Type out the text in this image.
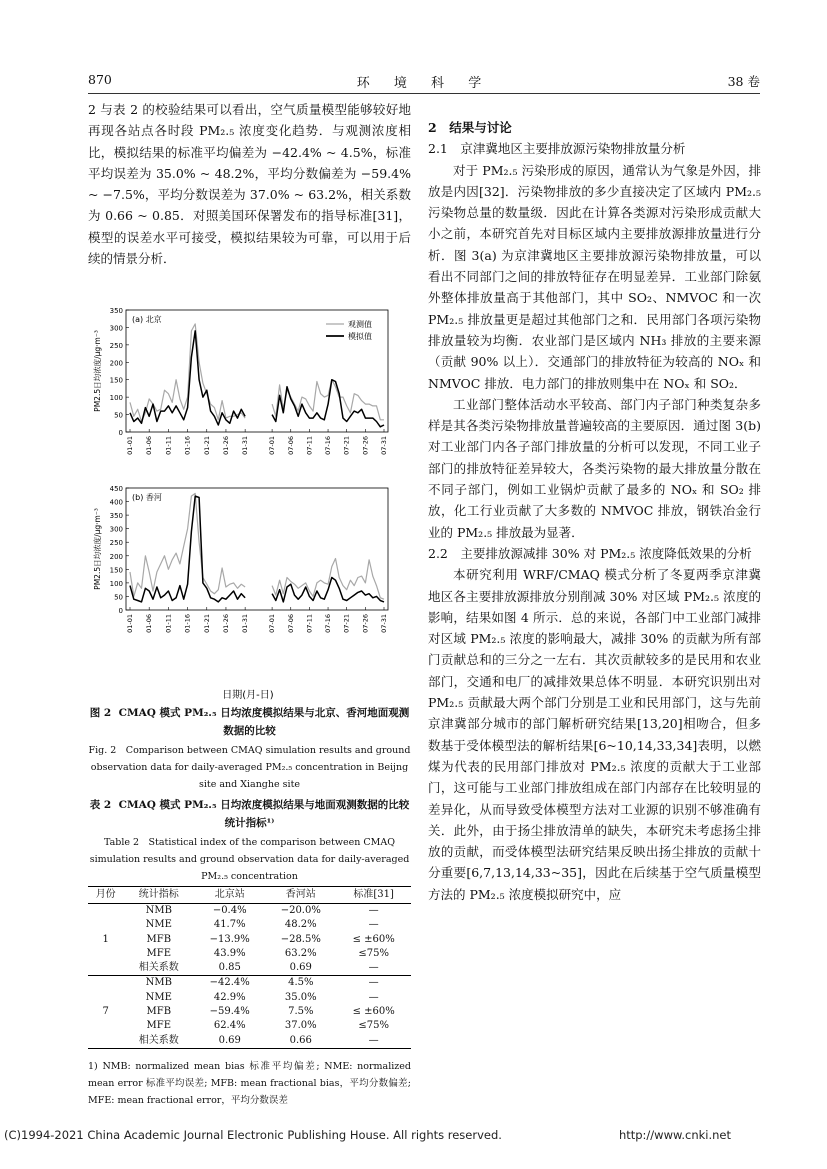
870	环 境 科 学	38 卷

2 与表 2 的校验结果可以看出，空气质量模型能够较好地再现各站点各时段 PM₂.₅ 浓度变化趋势．与观测浓度相比，模拟结果的标准平均偏差为 −42.4% ~ 4.5%，标准平均误差为 35.0% ~ 48.2%，平均分数偏差为 −59.4% ~ −7.5%，平均分数误差为 37.0% ~ 63.2%，相关系数为 0.66 ~ 0.85．对照美国环保署发布的指导标准[31]，模型的误差水平可接受，模拟结果较为可靠，可以用于后续的情景分析．

0
50
100
150
200
250
300
350
PM2.5日均浓度/μg·m⁻³
(a) 北京
01-01 01-06 01-11 01-16 01-21 01-26 01-31	07-01 07-06 07-11 07-16 07-21 07-26 07-31
观测值
模拟值
0
50
100
150
200
250
300
350
400
450
PM2.5日均浓度/μg·m⁻³
(b) 香河
01-01 01-06 01-11 01-16 01-21 01-26 01-31	07-01 07-06 07-11 07-16 07-21 07-26 07-31
日期(月-日)
图 2 CMAQ 模式 PM₂.₅ 日均浓度模拟结果与北京、香河地面观测数据的比较
Fig. 2　Comparison between CMAQ simulation results and ground observation data for daily-averaged PM₂.₅ concentration in Beijng site and Xianghe site
表 2 CMAQ 模式 PM₂.₅ 日均浓度模拟结果与地面观测数据的比较统计指标¹⁾
Table 2　Statistical index of the comparison between CMAQ simulation results and ground observation data for daily-averaged PM₂.₅ concentration
月份	统计指标	北京站	香河站	标准[31]
1	NMB	−0.4%	−20.0%	—
	NME	41.7%	48.2%	—
	MFB	−13.9%	−28.5%	≤ ±60%
	MFE	43.9%	63.2%	≤75%
	相关系数	0.85	0.69	—
7	NMB	−42.4%	4.5%	—
	NME	42.9%	35.0%	—
	MFB	−59.4%	7.5%	≤ ±60%
	MFE	62.4%	37.0%	≤75%
	相关系数	0.69	0.66	—
1) NMB: normalized mean bias 标准平均偏差; NME: normalized mean error 标准平均误差; MFB: mean fractional bias，平均分数偏差; MFE: mean fractional error，平均分数误差

2　结果与讨论

2.1　京津冀地区主要排放源污染物排放量分析

对于 PM₂.₅ 污染形成的原因，通常认为气象是外因，排放是内因[32]．污染物排放的多少直接决定了区域内 PM₂.₅ 污染物总量的数量级．因此在计算各类源对污染形成贡献大小之前，本研究首先对目标区域内主要排放源排放量进行分析．图 3(a) 为京津冀地区主要排放源污染物排放量，可以看出不同部门之间的排放特征存在明显差异．工业部门除氨外整体排放量高于其他部门，其中 SO₂、NMVOC 和一次 PM₂.₅ 排放量更是超过其他部门之和．民用部门各项污染物排放量较为均衡．农业部门是区域内 NH₃ 排放的主要来源（贡献 90% 以上）．交通部门的排放特征为较高的 NOₓ 和 NMVOC 排放．电力部门的排放则集中在 NOₓ 和 SO₂．

工业部门整体活动水平较高、部门内子部门种类复杂多样是其各类污染物排放量普遍较高的主要原因．通过图 3(b) 对工业部门内各子部门排放量的分析可以发现，不同工业子部门的排放特征差异较大，各类污染物的最大排放量分散在不同子部门，例如工业锅炉贡献了最多的 NOₓ 和 SO₂ 排放，化工行业贡献了大多数的 NMVOC 排放，钢铁冶金行业的 PM₂.₅ 排放最为显著．

2.2　主要排放源减排 30% 对 PM₂.₅ 浓度降低效果的分析

本研究利用 WRF/CMAQ 模式分析了冬夏两季京津冀地区各主要排放源排放分别削减 30% 对区域 PM₂.₅ 浓度的影响，结果如图 4 所示．总的来说，各部门中工业部门减排对区域 PM₂.₅ 浓度的影响最大，减排 30% 的贡献为所有部门贡献总和的三分之一左右．其次贡献较多的是民用和农业部门，交通和电厂的减排效果总体不明显．本研究识别出对 PM₂.₅ 贡献最大两个部门分别是工业和民用部门，这与先前京津冀部分城市的部门解析研究结果[13,20]相吻合，但多数基于受体模型法的解析结果[6~10,14,33,34]表明，以燃煤为代表的民用部门排放对 PM₂.₅ 浓度的贡献大于工业部门，这可能与工业部门排放组成在部门内部存在比较明显的差异化，从而导致受体模型方法对工业源的识别不够准确有关．此外，由于扬尘排放清单的缺失，本研究未考虑扬尘排放的贡献，而受体模型法研究结果反映出扬尘排放的贡献十分重要[6,7,13,14,33~35]，因此在后续基于空气质量模型方法的 PM₂.₅ 浓度模拟研究中，应

(C)1994-2021 China Academic Journal Electronic Publishing House. All rights reserved.	http://www.cnki.net
